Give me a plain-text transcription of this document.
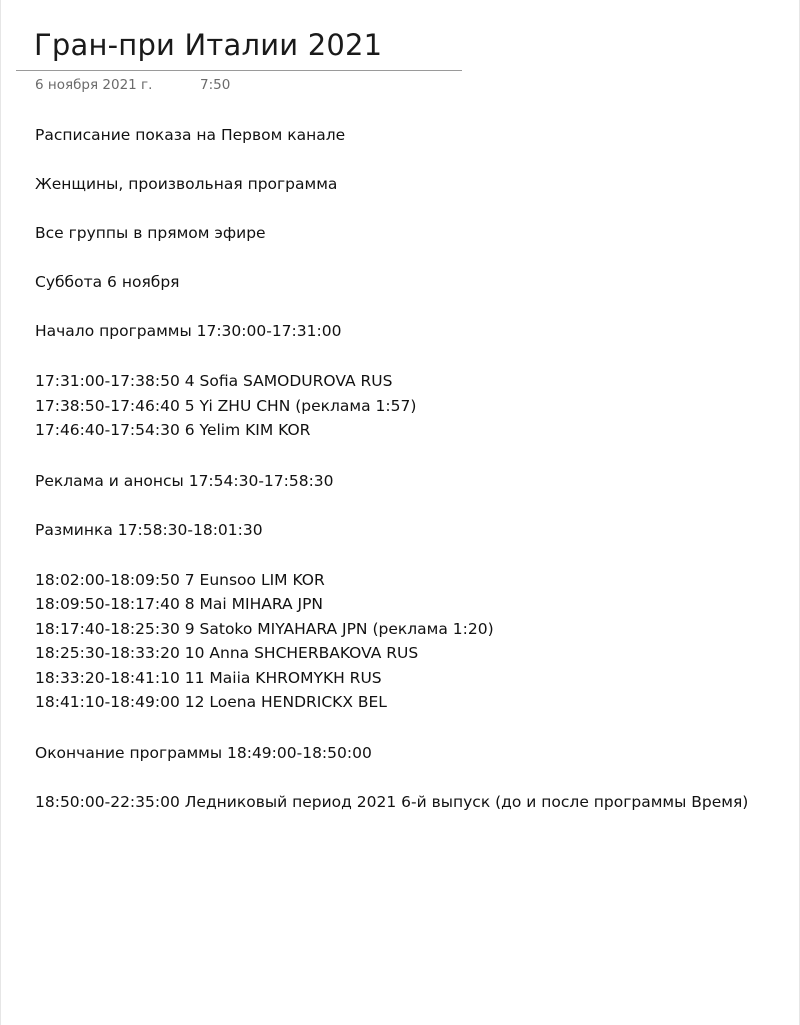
Гран-при Италии 2021
6 ноября 2021 г.	7:50

Расписание показа на Первом канале

Женщины, произвольная программа

Все группы в прямом эфире

Суббота 6 ноября

Начало программы 17:30:00-17:31:00

17:31:00-17:38:50 4 Sofia SAMODUROVA RUS

17:38:50-17:46:40 5 Yi ZHU CHN (реклама 1:57)

17:46:40-17:54:30 6 Yelim KIM KOR

Реклама и анонсы 17:54:30-17:58:30

Разминка 17:58:30-18:01:30

18:02:00-18:09:50 7 Eunsoo LIM KOR

18:09:50-18:17:40 8 Mai MIHARA JPN

18:17:40-18:25:30 9 Satoko MIYAHARA JPN (реклама 1:20)

18:25:30-18:33:20 10 Anna SHCHERBAKOVA RUS

18:33:20-18:41:10 11 Maiia KHROMYKH RUS

18:41:10-18:49:00 12 Loena HENDRICKX BEL

Окончание программы 18:49:00-18:50:00

18:50:00-22:35:00 Ледниковый период 2021 6-й выпуск (до и после программы Время)
